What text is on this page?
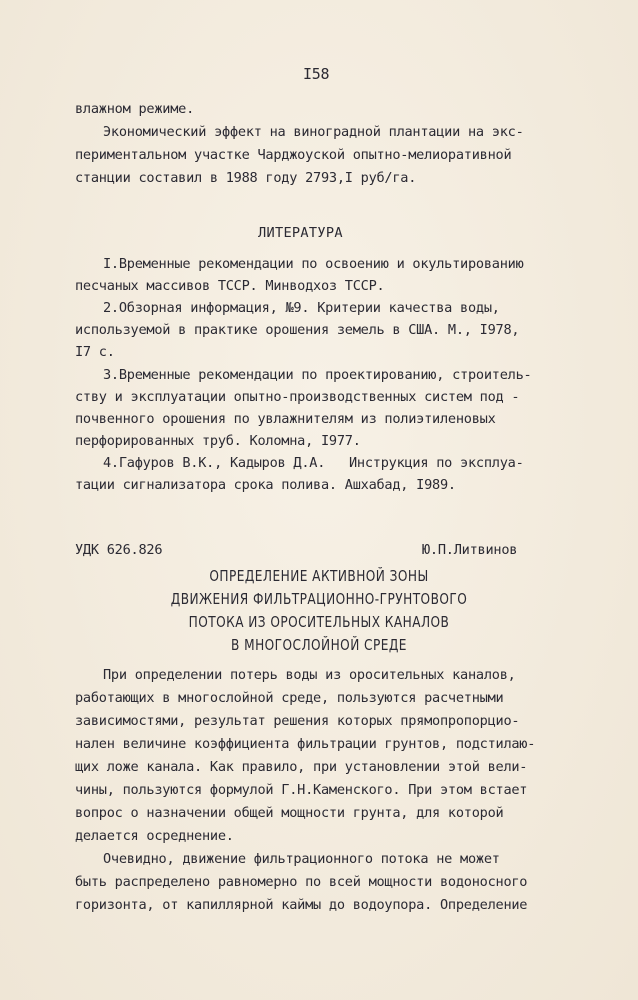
I58
влажном режиме.
Экономический эффект на виноградной плантации на экс-
периментальном участке Чарджоуской опытно-мелиоративной
станции составил в 1988 году 2793,I руб/га.
ЛИТЕРАТУРА
I.Временные рекомендации по освоению и окультированию
песчаных массивов ТССР. Минводхоз ТССР.
2.Обзорная информация, №9. Критерии качества воды,
используемой в практике орошения земель в США. М., I978,
I7 с.
3.Временные рекомендации по проектированию, строитель-
ству и эксплуатации опытно-производственных систем под -
почвенного орошения по увлажнителям из полиэтиленовых
перфорированных труб. Коломна, I977.
4.Гафуров В.К., Кадыров Д.А.   Инструкция по эксплуа-
тации сигнализатора срока полива. Ашхабад, I989.
УДК 626.826	Ю.П.Литвинов
ОПРЕДЕЛЕНИЕ АКТИВНОЙ ЗОНЫ
ДВИЖЕНИЯ ФИЛЬТРАЦИОННО-ГРУНТОВОГО
ПОТОКА ИЗ ОРОСИТЕЛЬНЫХ КАНАЛОВ
В МНОГОСЛОЙНОЙ СРЕДЕ
При определении потерь воды из оросительных каналов,
работающих в многослойной среде, пользуются расчетными
зависимостями, результат решения которых прямопропорцио-
нален величине коэффициента фильтрации грунтов, подстилаю-
щих ложе канала. Как правило, при установлении этой вели-
чины, пользуются формулой Г.Н.Каменского. При этом встает
вопрос о назначении общей мощности грунта, для которой
делается осреднение.
Очевидно, движение фильтрационного потока не может
быть распределено равномерно по всей мощности водоносного
горизонта, от капиллярной каймы до водоупора. Определение
